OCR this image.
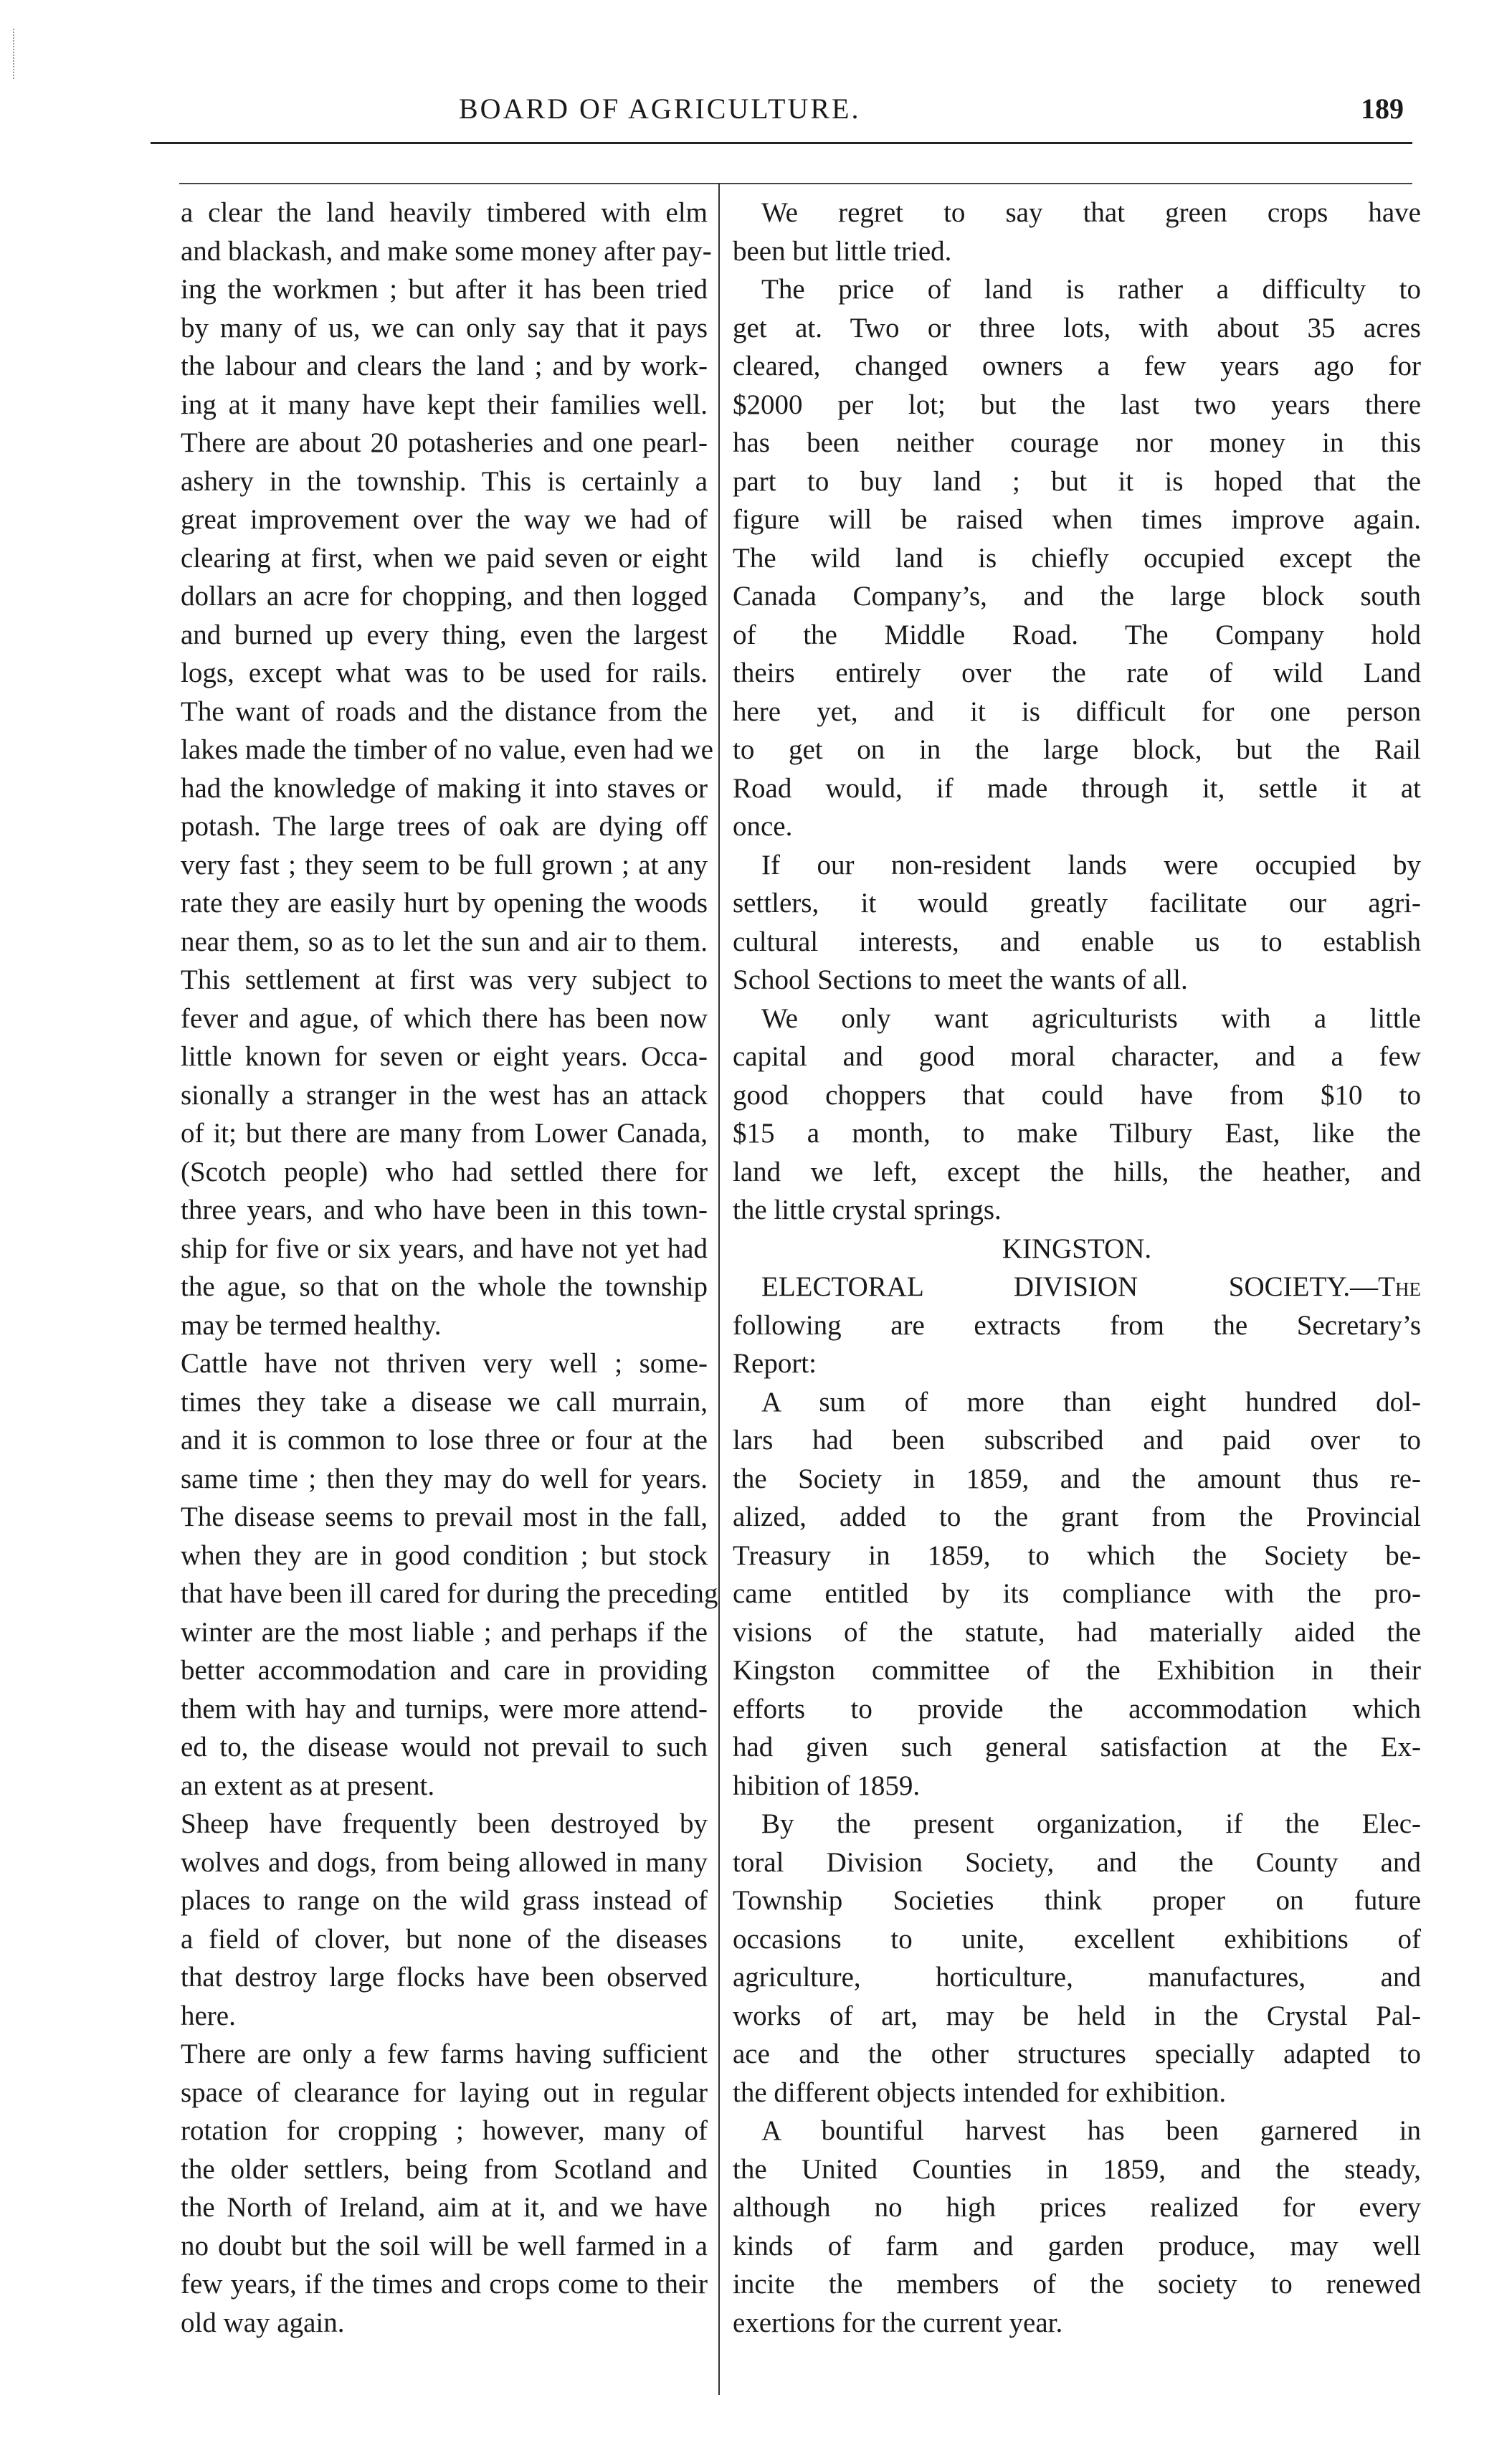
BOARD OF AGRICULTURE.	189
a clear the land heavily timbered with elm
and blackash, and make some money after pay-
ing the workmen ; but after it has been tried
by many of us, we can only say that it pays
the labour and clears the land ; and by work-
ing at it many have kept their families well.
There are about 20 potasheries and one pearl-
ashery in the township. This is certainly a
great improvement over the way we had of
clearing at first, when we paid seven or eight
dollars an acre for chopping, and then logged
and burned up every thing, even the largest
logs, except what was to be used for rails.
The want of roads and the distance from the
lakes made the timber of no value, even had we
had the knowledge of making it into staves or
potash. The large trees of oak are dying off
very fast ; they seem to be full grown ; at any
rate they are easily hurt by opening the woods
near them, so as to let the sun and air to them.
This settlement at first was very subject to
fever and ague, of which there has been now
little known for seven or eight years. Occa-
sionally a stranger in the west has an attack
of it; but there are many from Lower Canada,
(Scotch people) who had settled there for
three years, and who have been in this town-
ship for five or six years, and have not yet had
the ague, so that on the whole the township
may be termed healthy.
Cattle have not thriven very well ; some-
times they take a disease we call murrain,
and it is common to lose three or four at the
same time ; then they may do well for years.
The disease seems to prevail most in the fall,
when they are in good condition ; but stock
that have been ill cared for during the preceding
winter are the most liable ; and perhaps if the
better accommodation and care in providing
them with hay and turnips, were more attend-
ed to, the disease would not prevail to such
an extent as at present.
Sheep have frequently been destroyed by
wolves and dogs, from being allowed in many
places to range on the wild grass instead of
a field of clover, but none of the diseases
that destroy large flocks have been observed
here.
There are only a few farms having sufficient
space of clearance for laying out in regular
rotation for cropping ; however, many of
the older settlers, being from Scotland and
the North of Ireland, aim at it, and we have
no doubt but the soil will be well farmed in a
few years, if the times and crops come to their
old way again.
We regret to say that green crops have
been but little tried.
The price of land is rather a difficulty to
get at. Two or three lots, with about 35 acres
cleared, changed owners a few years ago for
$2000 per lot; but the last two years there
has been neither courage nor money in this
part to buy land ; but it is hoped that the
figure will be raised when times improve again.
The wild land is chiefly occupied except the
Canada Company’s, and the large block south
of the Middle Road. The Company hold
theirs entirely over the rate of wild Land
here yet, and it is difficult for one person
to get on in the large block, but the Rail
Road would, if made through it, settle it at
once.
If our non-resident lands were occupied by
settlers, it would greatly facilitate our agri-
cultural interests, and enable us to establish
School Sections to meet the wants of all.
We only want agriculturists with a little
capital and good moral character, and a few
good choppers that could have from $10 to
$15 a month, to make Tilbury East, like the
land we left, except the hills, the heather, and
the little crystal springs.
KINGSTON.
ELECTORAL DIVISION SOCIETY.—The
following are extracts from the Secretary’s
Report:
A sum of more than eight hundred dol-
lars had been subscribed and paid over to
the Society in 1859, and the amount thus re-
alized, added to the grant from the Provincial
Treasury in 1859, to which the Society be-
came entitled by its compliance with the pro-
visions of the statute, had materially aided the
Kingston committee of the Exhibition in their
efforts to provide the accommodation which
had given such general satisfaction at the Ex-
hibition of 1859.
By the present organization, if the Elec-
toral Division Society, and the County and
Township Societies think proper on future
occasions to unite, excellent exhibitions of
agriculture, horticulture, manufactures, and
works of art, may be held in the Crystal Pal-
ace and the other structures specially adapted to
the different objects intended for exhibition.
A bountiful harvest has been garnered in
the United Counties in 1859, and the steady,
although no high prices realized for every
kinds of farm and garden produce, may well
incite the members of the society to renewed
exertions for the current year.
